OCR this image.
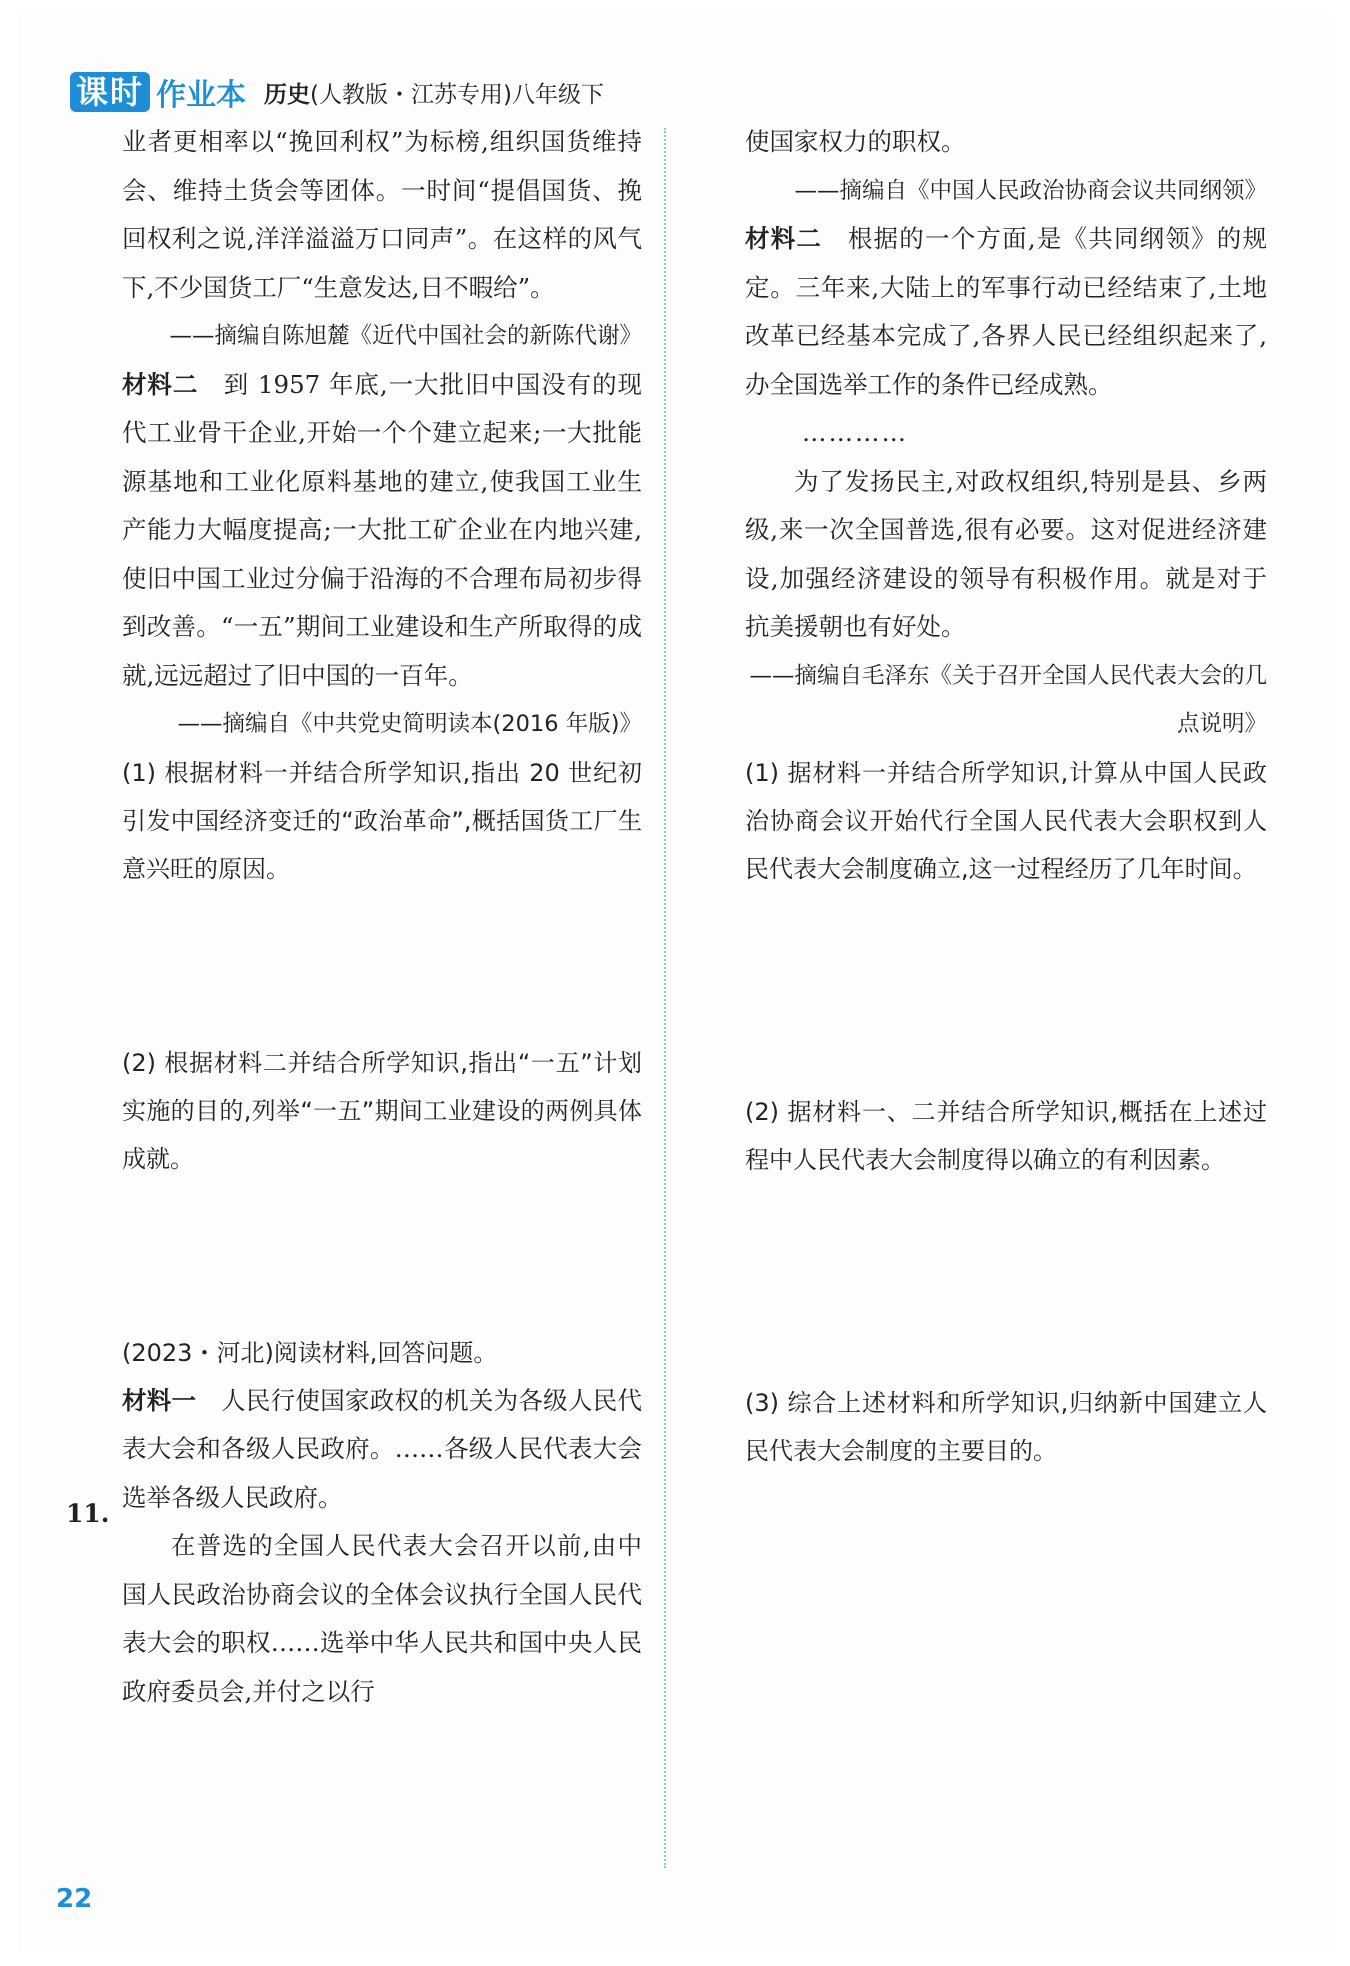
课时 作业本 历史(人教版・江苏专用)八年级下

业者更相率以“挽回利权”为标榜,组织国货维持会、维持土货会等团体。一时间“提倡国货、挽回权利之说,洋洋溢溢万口同声”。在这样的风气下,不少国货工厂“生意发达,日不暇给”。

——摘编自陈旭麓《近代中国社会的新陈代谢》

材料二  到 1957 年底,一大批旧中国没有的现代工业骨干企业,开始一个个建立起来;一大批能源基地和工业化原料基地的建立,使我国工业生产能力大幅度提高;一大批工矿企业在内地兴建,使旧中国工业过分偏于沿海的不合理布局初步得到改善。“一五”期间工业建设和生产所取得的成就,远远超过了旧中国的一百年。

——摘编自《中共党史简明读本(2016 年版)》

(1) 根据材料一并结合所学知识,指出 20 世纪初引发中国经济变迁的“政治革命”,概括国货工厂生意兴旺的原因。

(2) 根据材料二并结合所学知识,指出“一五”计划实施的目的,列举“一五”期间工业建设的两例具体成就。

(2023・河北)阅读材料,回答问题。

材料一  人民行使国家政权的机关为各级人民代表大会和各级人民政府。……各级人民代表大会选举各级人民政府。

在普选的全国人民代表大会召开以前,由中国人民政治协商会议的全体会议执行全国人民代表大会的职权……选举中华人民共和国中央人民政府委员会,并付之以行

11.

使国家权力的职权。

——摘编自《中国人民政治协商会议共同纲领》

材料二  根据的一个方面,是《共同纲领》的规定。三年来,大陆上的军事行动已经结束了,土地改革已经基本完成了,各界人民已经组织起来了,办全国选举工作的条件已经成熟。

…………

为了发扬民主,对政权组织,特别是县、乡两级,来一次全国普选,很有必要。这对促进经济建设,加强经济建设的领导有积极作用。就是对于抗美援朝也有好处。

——摘编自毛泽东《关于召开全国人民代表大会的几点说明》

(1) 据材料一并结合所学知识,计算从中国人民政治协商会议开始代行全国人民代表大会职权到人民代表大会制度确立,这一过程经历了几年时间。

(2) 据材料一、二并结合所学知识,概括在上述过程中人民代表大会制度得以确立的有利因素。

(3) 综合上述材料和所学知识,归纳新中国建立人民代表大会制度的主要目的。

22
